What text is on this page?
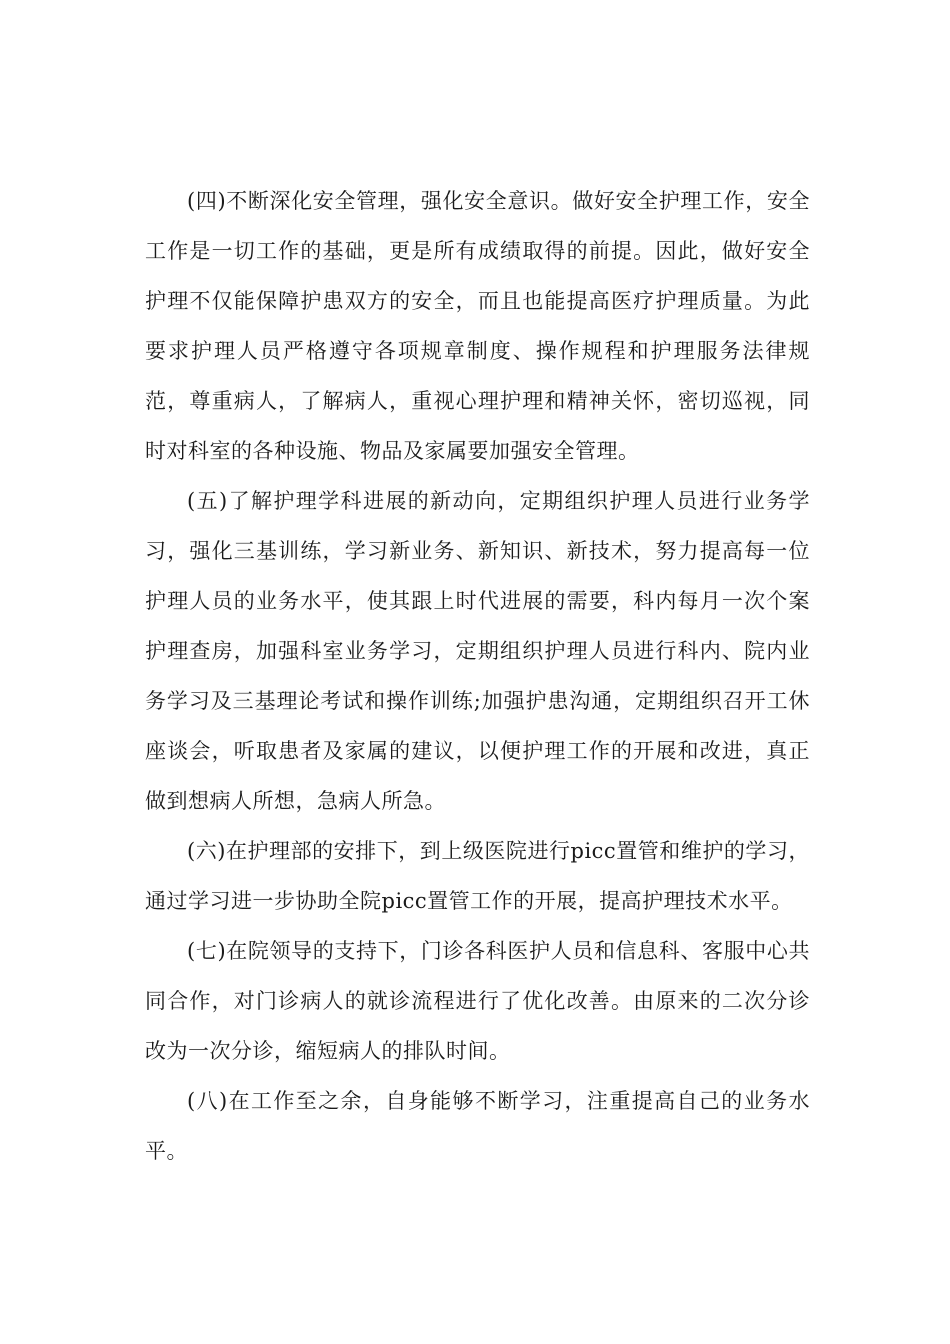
(四)不断深化安全管理，强化安全意识。做好安全护理工作，安全工作是一切工作的基础，更是所有成绩取得的前提。因此，做好安全护理不仅能保障护患双方的安全，而且也能提高医疗护理质量。为此要求护理人员严格遵守各项规章制度、操作规程和护理服务法律规范，尊重病人，了解病人，重视心理护理和精神关怀，密切巡视，同时对科室的各种设施、物品及家属要加强安全管理。

(五)了解护理学科进展的新动向，定期组织护理人员进行业务学习，强化三基训练，学习新业务、新知识、新技术，努力提高每一位护理人员的业务水平，使其跟上时代进展的需要，科内每月一次个案护理查房，加强科室业务学习，定期组织护理人员进行科内、院内业务学习及三基理论考试和操作训练;加强护患沟通，定期组织召开工休座谈会，听取患者及家属的建议，以便护理工作的开展和改进，真正做到想病人所想，急病人所急。

(六)在护理部的安排下，到上级医院进行picc置管和维护的学习，通过学习进一步协助全院picc置管工作的开展，提高护理技术水平。

(七)在院领导的支持下，门诊各科医护人员和信息科、客服中心共同合作，对门诊病人的就诊流程进行了优化改善。由原来的二次分诊改为一次分诊，缩短病人的排队时间。

(八)在工作至之余，自身能够不断学习，注重提高自己的业务水平。
